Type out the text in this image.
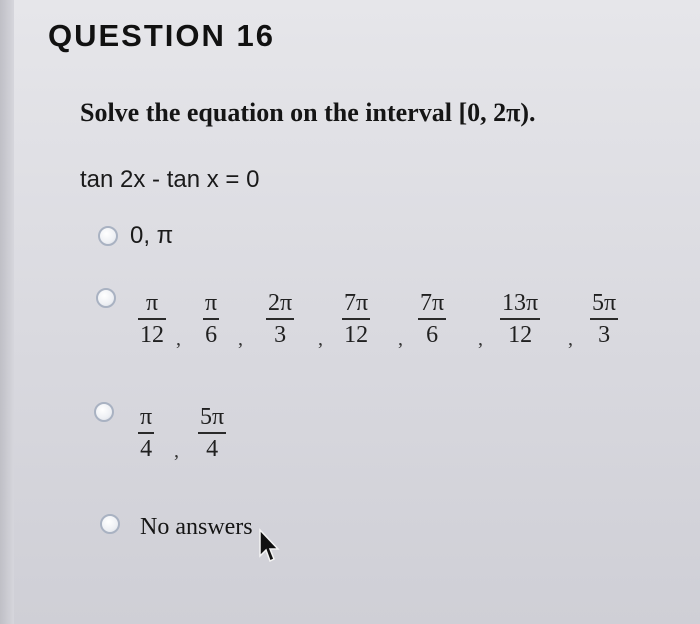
QUESTION 16
Solve the equation on the interval [0, 2π).
tan 2x - tan x = 0
0, π
π
12 ,
π
6 ,
2π
3 ,
7π
12 ,
7π
6 ,
13π
12 ,
5π
3
π
4 ,
5π
4
No answers
